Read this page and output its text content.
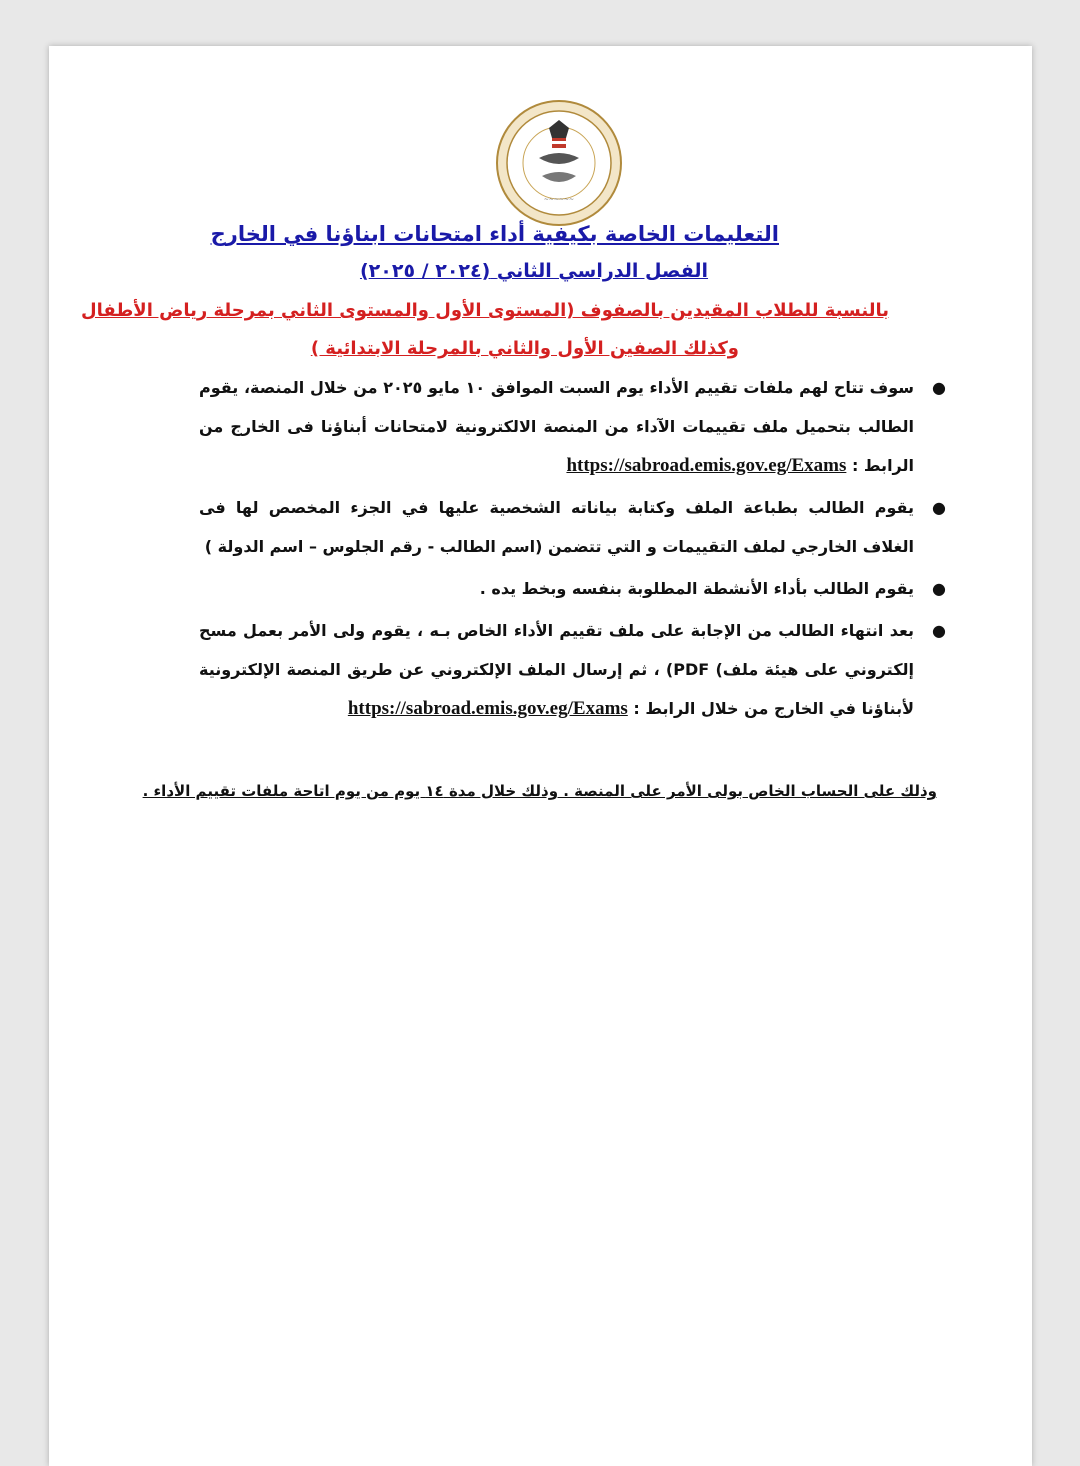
~~~~~~
التعليمات الخاصة بكيفية أداء امتحانات ابناؤنا في الخارج
الفصل الدراسي الثاني (٢٠٢٤ / ٢٠٢٥)
بالنسبة للطلاب المقيدين بالصفوف (المستوى الأول والمستوى الثاني بمرحلة رياض الأطفال
وكذلك الصفين الأول والثاني بالمرحلة الابتدائية )
●
سوف تتاح لهم ملفات تقييم الأداء يوم السبت الموافق ١٠ مايو ٢٠٢٥ من خلال المنصة، يقوم الطالب بتحميل ملف تقييمات الآداء من المنصة الالكترونية لامتحانات أبناؤنا فى الخارج من الرابط : https://sabroad.emis.gov.eg/Exams
●
يقوم الطالب بطباعة الملف وكتابة بياناته الشخصية عليها في الجزء المخصص لها فى الغلاف الخارجي لملف التقييمات و التي تتضمن (اسم الطالب - رقم الجلوس – اسم الدولة )
●
يقوم الطالب بأداء الأنشطة المطلوبة بنفسه وبخط يده .
●
بعد انتهاء الطالب من الإجابة على ملف تقييم الأداء الخاص بـه ، يقوم ولى الأمر بعمل مسح إلكتروني على هيئة ملف) PDF) ، ثم إرسال الملف الإلكتروني عن طريق المنصة الإلكترونية لأبناؤنا في الخارج من خلال الرابط : https://sabroad.emis.gov.eg/Exams
وذلك على الحساب الخاص بولى الأمر على المنصة . وذلك خلال مدة ١٤ يوم من يوم اتاحة ملفات تقييم الأداء .
